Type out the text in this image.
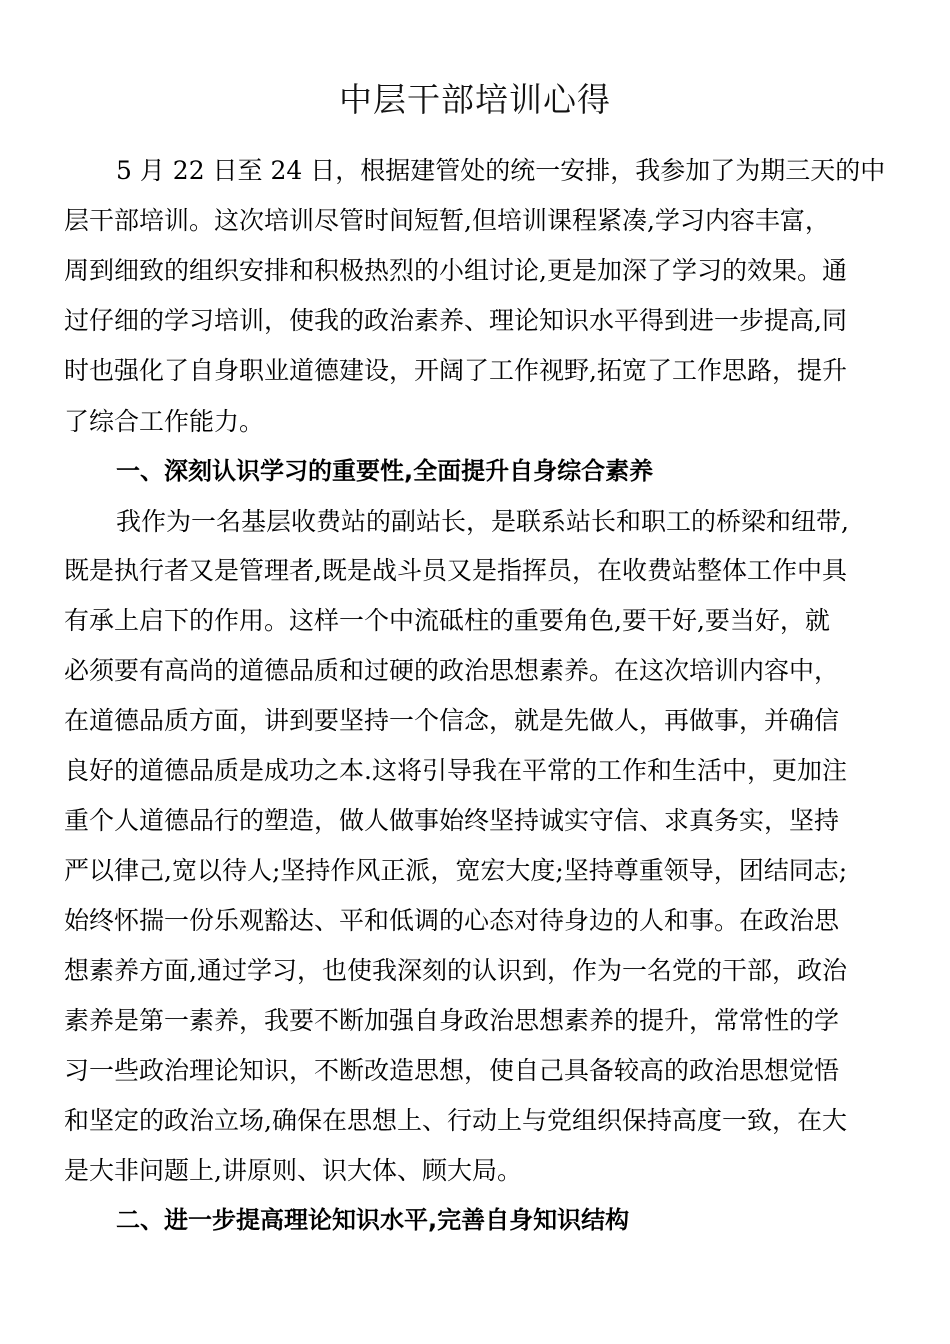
中层干部培训心得
5 月 22 日至 24 日，根据建管处的统一安排，我参加了为期三天的中
层干部培训。这次培训尽管时间短暂,但培训课程紧凑,学习内容丰富，
周到细致的组织安排和积极热烈的小组讨论,更是加深了学习的效果。通
过仔细的学习培训，使我的政治素养、理论知识水平得到进一步提高,同
时也强化了自身职业道德建设，开阔了工作视野,拓宽了工作思路，提升
了综合工作能力。
一、深刻认识学习的重要性,全面提升自身综合素养
我作为一名基层收费站的副站长，是联系站长和职工的桥梁和纽带,
既是执行者又是管理者,既是战斗员又是指挥员，在收费站整体工作中具
有承上启下的作用。这样一个中流砥柱的重要角色,要干好,要当好，就
必须要有高尚的道德品质和过硬的政治思想素养。在这次培训内容中，
在道德品质方面，讲到要坚持一个信念，就是先做人，再做事，并确信
良好的道德品质是成功之本.这将引导我在平常的工作和生活中，更加注
重个人道德品行的塑造，做人做事始终坚持诚实守信、求真务实，坚持
严以律己,宽以待人;坚持作风正派，宽宏大度;坚持尊重领导，团结同志;
始终怀揣一份乐观豁达、平和低调的心态对待身边的人和事。在政治思
想素养方面,通过学习，也使我深刻的认识到，作为一名党的干部，政治
素养是第一素养，我要不断加强自身政治思想素养的提升，常常性的学
习一些政治理论知识，不断改造思想，使自己具备较高的政治思想觉悟
和坚定的政治立场,确保在思想上、行动上与党组织保持高度一致，在大
是大非问题上,讲原则、识大体、顾大局。
二、进一步提高理论知识水平,完善自身知识结构
